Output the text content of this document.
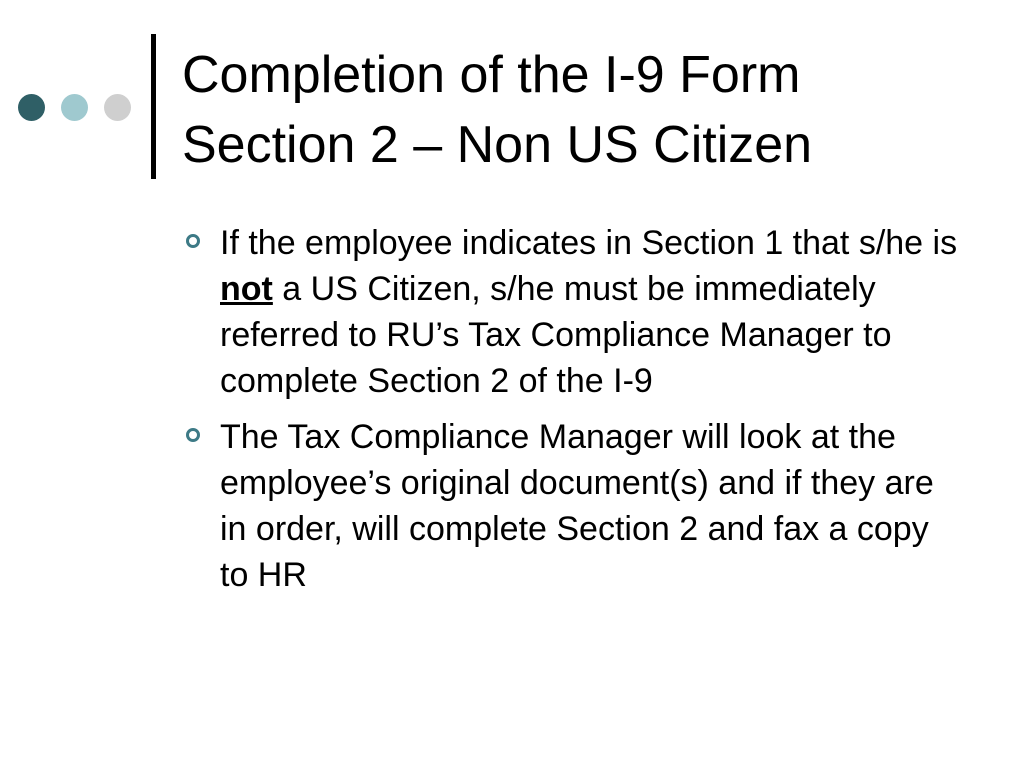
Completion of the I-9 Form
Section 2 – Non US Citizen
If the employee indicates in Section 1 that s/he is not a US Citizen, s/he must be immediately referred to RU’s Tax Compliance Manager to complete Section 2 of the I-9
The Tax Compliance Manager will look at the employee’s original document(s) and if they are in order, will complete Section 2 and fax a copy to HR
